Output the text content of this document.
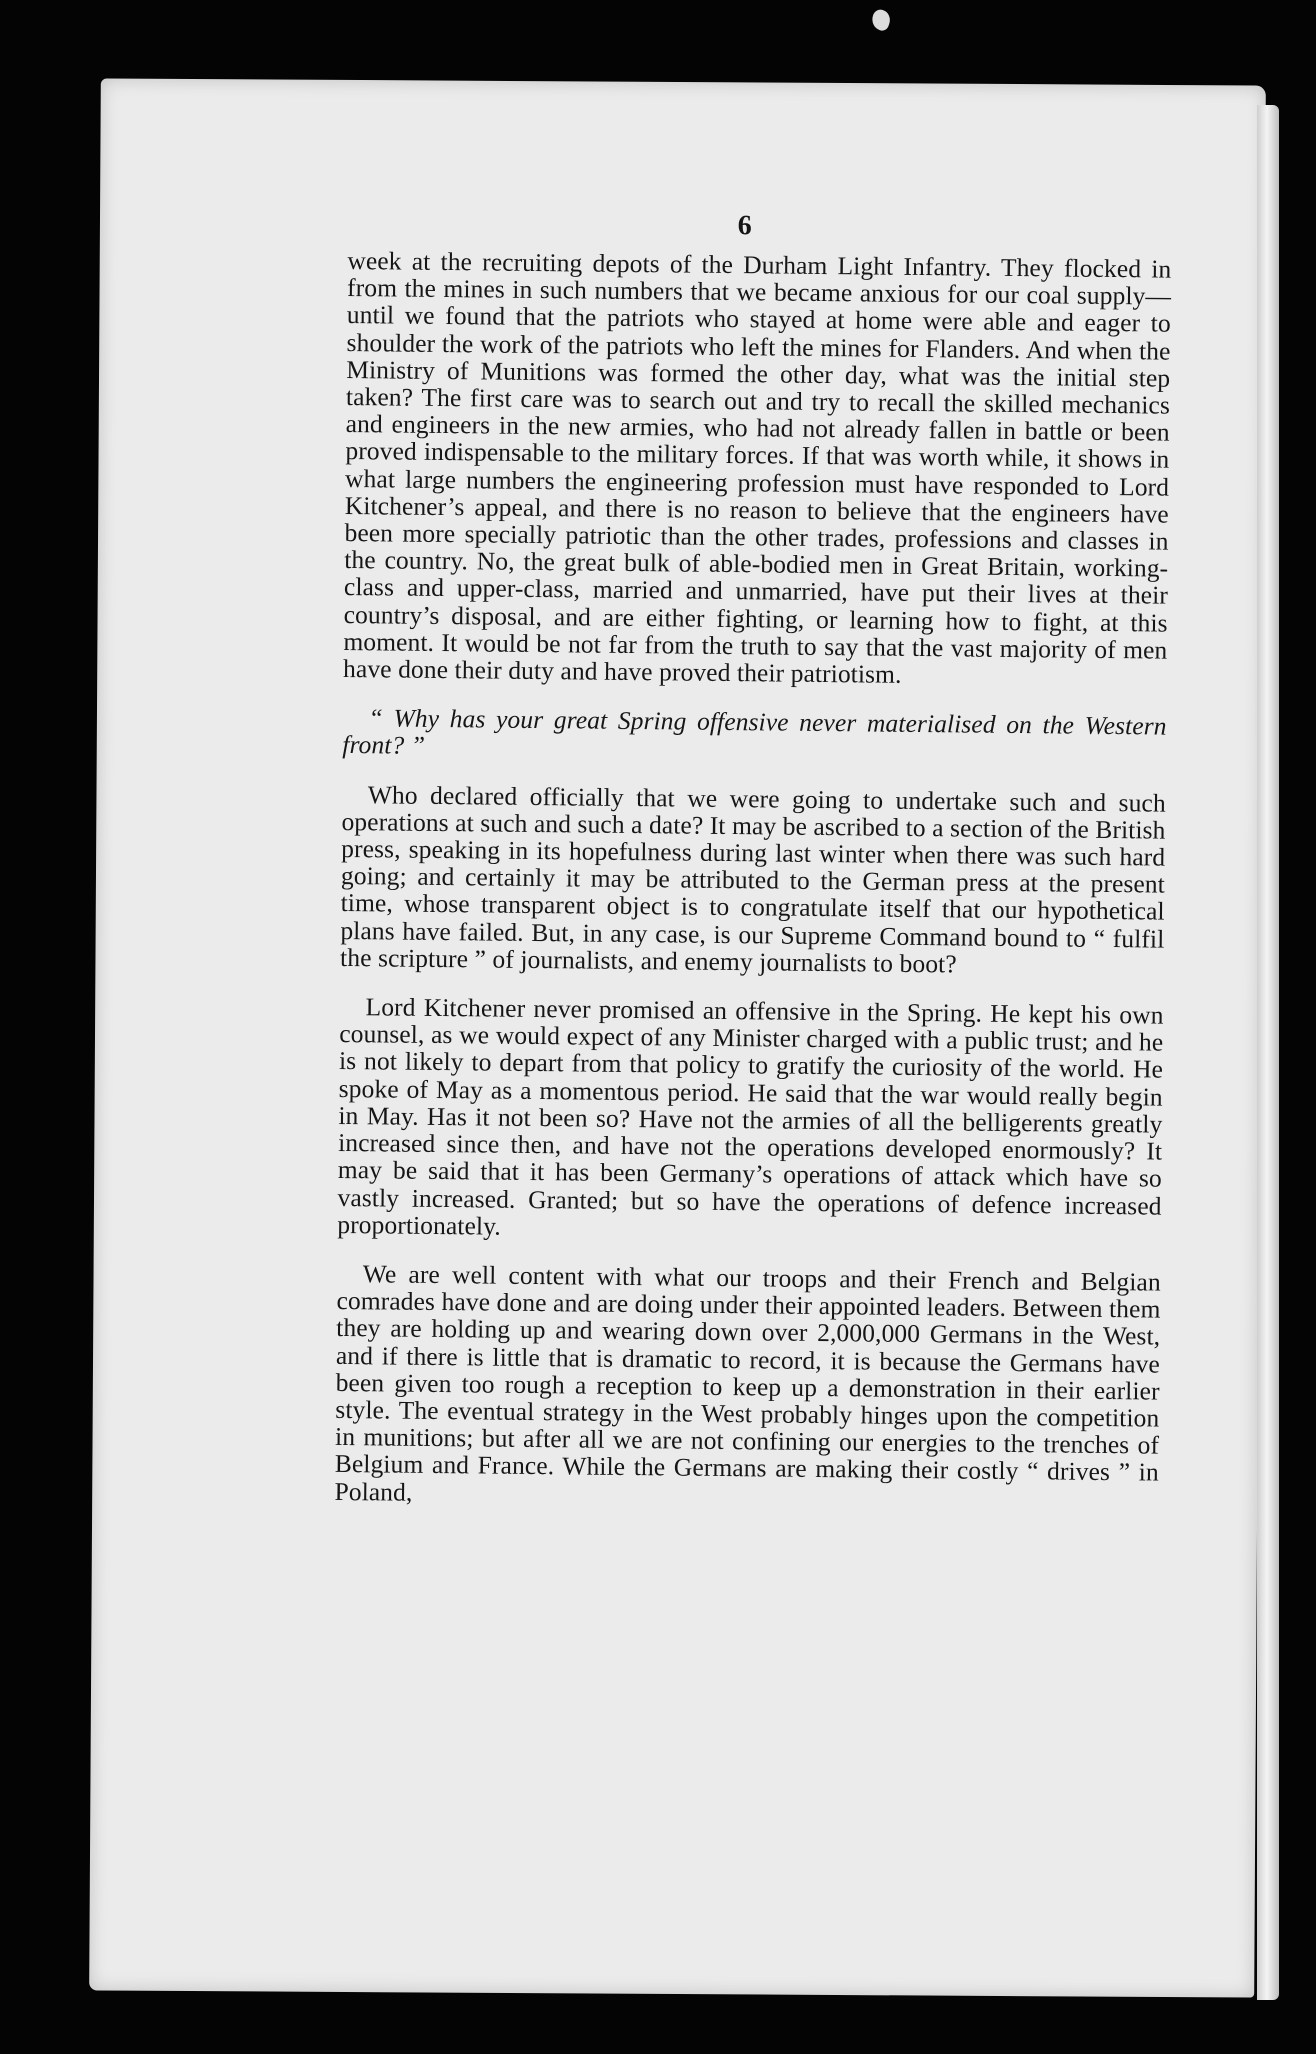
6

week at the recruiting depots of the Durham Light Infantry. They flocked in from the mines in such numbers that we became anxious for our coal supply—until we found that the patriots who stayed at home were able and eager to shoulder the work of the patriots who left the mines for Flanders. And when the Ministry of Munitions was formed the other day, what was the initial step taken? The first care was to search out and try to recall the skilled mechanics and engineers in the new armies, who had not already fallen in battle or been proved indispensable to the military forces. If that was worth while, it shows in what large numbers the engineering profession must have responded to Lord Kitchener’s appeal, and there is no reason to believe that the engineers have been more specially patriotic than the other trades, professions and classes in the country. No, the great bulk of able-bodied men in Great Britain, working-class and upper-class, married and unmarried, have put their lives at their country’s disposal, and are either fighting, or learning how to fight, at this moment. It would be not far from the truth to say that the vast majority of men have done their duty and have proved their patriotism.

“ Why has your great Spring offensive never materialised on the Western front? ”

Who declared officially that we were going to undertake such and such operations at such and such a date? It may be ascribed to a section of the British press, speaking in its hopefulness during last winter when there was such hard going; and certainly it may be attributed to the German press at the present time, whose transparent object is to congratulate itself that our hypothetical plans have failed. But, in any case, is our Supreme Command bound to “ fulfil the scripture ” of journalists, and enemy journalists to boot?

Lord Kitchener never promised an offensive in the Spring. He kept his own counsel, as we would expect of any Minister charged with a public trust; and he is not likely to depart from that policy to gratify the curiosity of the world. He spoke of May as a momentous period. He said that the war would really begin in May. Has it not been so? Have not the armies of all the belligerents greatly increased since then, and have not the operations developed enormously? It may be said that it has been Germany’s operations of attack which have so vastly increased. Granted; but so have the operations of defence increased proportionately.

We are well content with what our troops and their French and Belgian comrades have done and are doing under their appointed leaders. Between them they are holding up and wearing down over 2,000,000 Germans in the West, and if there is little that is dramatic to record, it is because the Germans have been given too rough a reception to keep up a demonstration in their earlier style. The eventual strategy in the West probably hinges upon the competition in munitions; but after all we are not confining our energies to the trenches of Belgium and France. While the Germans are making their costly “ drives ” in Poland,
